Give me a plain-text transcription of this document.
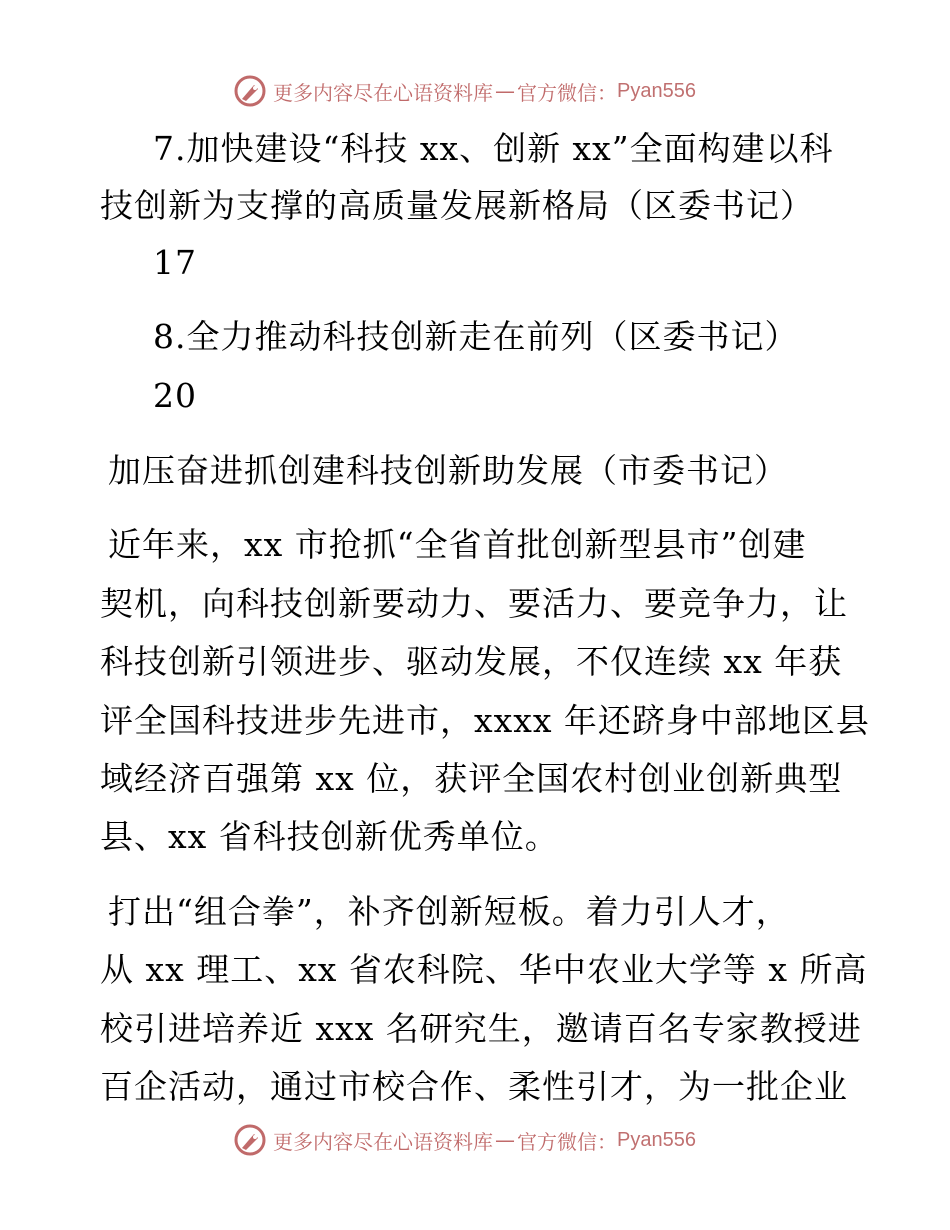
更多内容尽在心语资料库 — 官方微信： Pyan556
7.加快建设“科技 xx、创新 xx”全面构建以科
技创新为支撑的高质量发展新格局（区委书记）
17
8.全力推动科技创新走在前列（区委书记）
20
加压奋进抓创建科技创新助发展（市委书记）
近年来，xx 市抢抓“全省首批创新型县市”创建
契机，向科技创新要动力、要活力、要竞争力，让
科技创新引领进步、驱动发展，不仅连续 xx 年获
评全国科技进步先进市，xxxx 年还跻身中部地区县
域经济百强第 xx 位，获评全国农村创业创新典型
县、xx 省科技创新优秀单位。
打出“组合拳”，补齐创新短板。着力引人才，
从 xx 理工、xx 省农科院、华中农业大学等 x 所高
校引进培养近 xxx 名研究生，邀请百名专家教授进
百企活动，通过市校合作、柔性引才，为一批企业
更多内容尽在心语资料库 — 官方微信： Pyan556
